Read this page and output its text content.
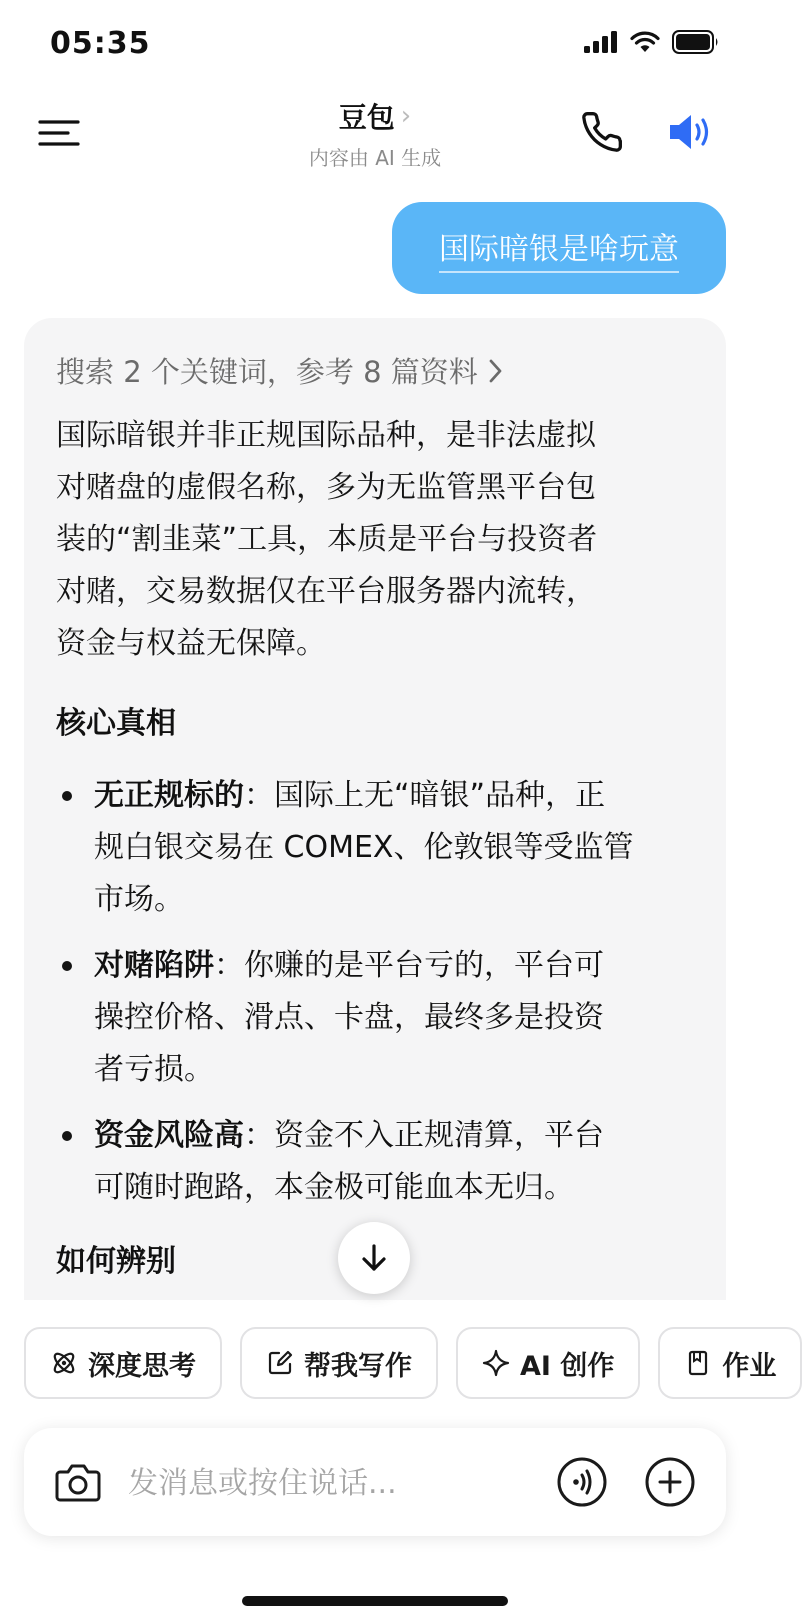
05:35
豆包 ›
内容由 AI 生成
国际暗银是啥玩意
搜索 2 个关键词，参考 8 篇资料
国际暗银并非正规国际品种，是非法虚拟
对赌盘的虚假名称，多为无监管黑平台包
装的“割韭菜”工具，本质是平台与投资者
对赌，交易数据仅在平台服务器内流转，
资金与权益无保障。
核心真相
无正规标的：国际上无“暗银”品种，正
规白银交易在 COMEX、伦敦银等受监管
市场。
对赌陷阱：你赚的是平台亏的，平台可
操控价格、滑点、卡盘，最终多是投资
者亏损。
资金风险高：资金不入正规清算，平台
可随时跑路，本金极可能血本无归。
如何辨别
深度思考	帮我写作	AI 创作	作业
发消息或按住说话...
